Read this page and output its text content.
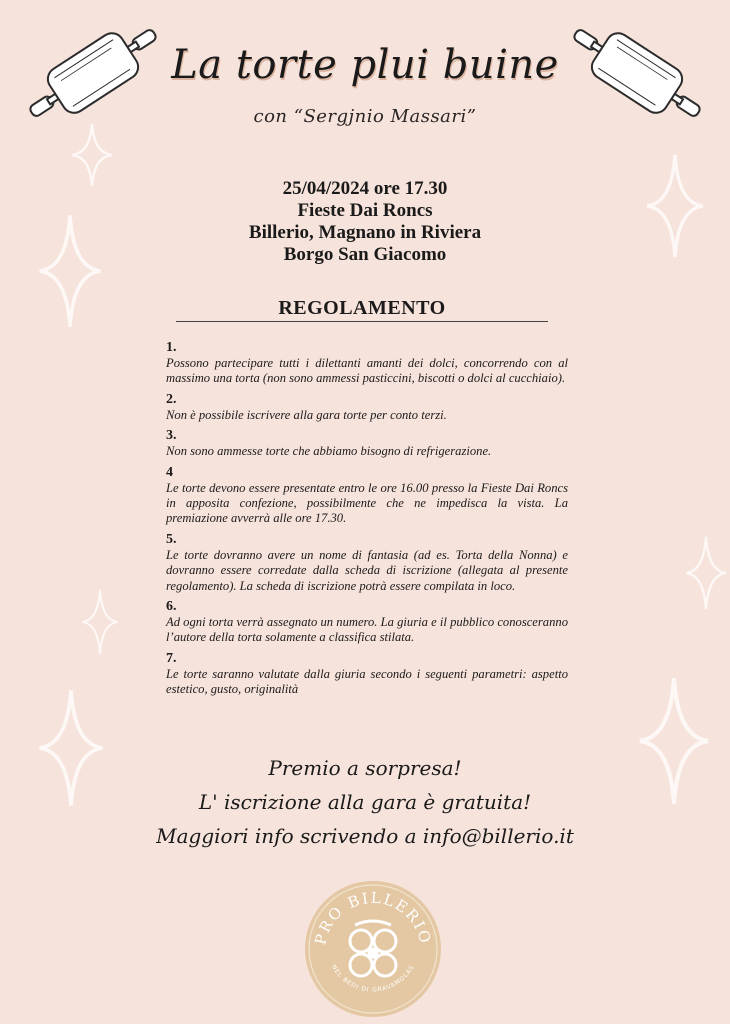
La torte plui buine
con “Sergjnio Massari”
25/04/2024 ore 17.30
Fieste Dai Roncs
Billerio, Magnano in Riviera
Borgo San Giacomo
REGOLAMENTO
1.
Possono partecipare tutti i dilettanti amanti dei dolci, concorrendo con al massimo una torta (non sono ammessi pasticcini, biscotti o dolci al cucchiaio).
2.
Non è possibile iscrivere alla gara torte per conto terzi.
3.
Non sono ammesse torte che abbiamo bisogno di refrigerazione.
4
Le torte devono essere presentate entro le ore 16.00 presso la Fieste Dai Roncs in apposita confezione, possibilmente che ne impedisca la vista. La premiazione avverrà alle ore 17.30.
5.
Le torte dovranno avere un nome di fantasia (ad es. Torta della Nonna) e dovranno essere corredate dalla scheda di iscrizione (allegata al presente regolamento). La scheda di iscrizione potrà essere compilata in loco.
6.
Ad ogni torta verrà assegnato un numero. La giuria e il pubblico conosceranno l’autore della torta solamente a classifica stilata.
7.
Le torte saranno valutate dalla giuria secondo i seguenti parametri: aspetto estetico, gusto, originalità
Premio a sorpresa!
L' iscrizione alla gara è gratuita!
Maggiori info scrivendo a info@billerio.it
PRO BILLERIO
NEL BEDI DI GRAVAMOLAS
